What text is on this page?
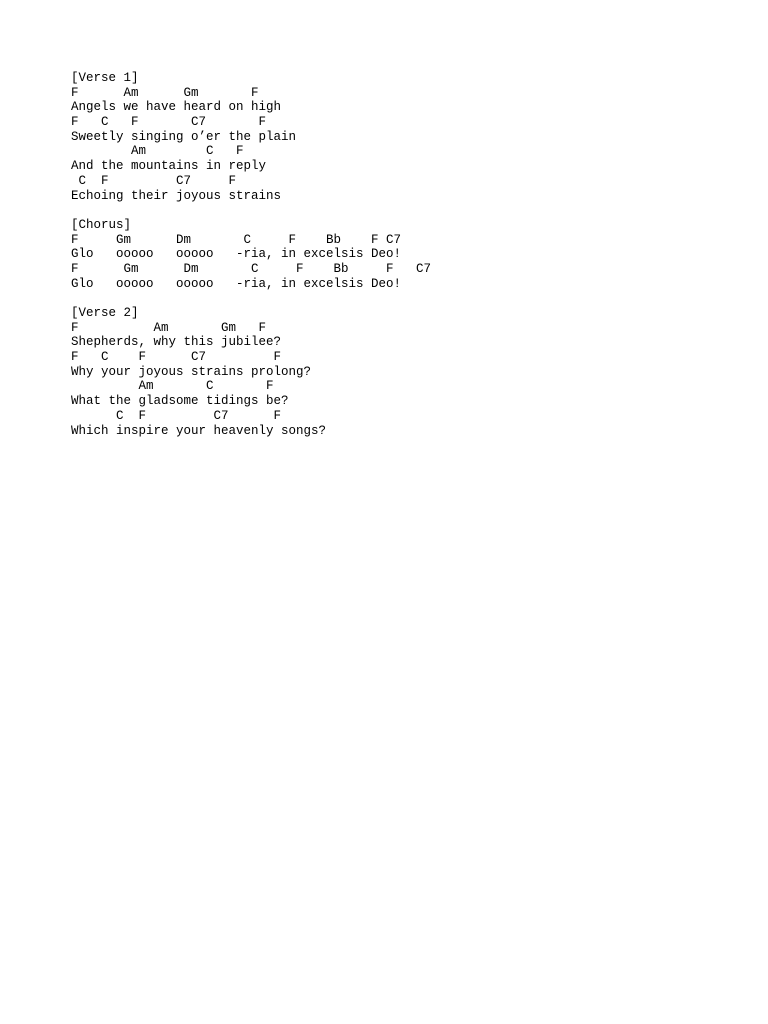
[Verse 1]
F      Am      Gm       F
Angels we have heard on high
F   C   F       C7       F
Sweetly singing o’er the plain
Am        C   F
And the mountains in reply
C  F         C7     F
Echoing their joyous strains
[Chorus]
F     Gm      Dm       C     F    Bb    F C7
Glo   ooooo   ooooo   -ria, in excelsis Deo!
F      Gm      Dm       C     F    Bb     F   C7
Glo   ooooo   ooooo   -ria, in excelsis Deo!
[Verse 2]
F          Am       Gm   F
Shepherds, why this jubilee?
F   C    F      C7         F
Why your joyous strains prolong?
Am       C       F
What the gladsome tidings be?
C  F         C7      F
Which inspire your heavenly songs?
